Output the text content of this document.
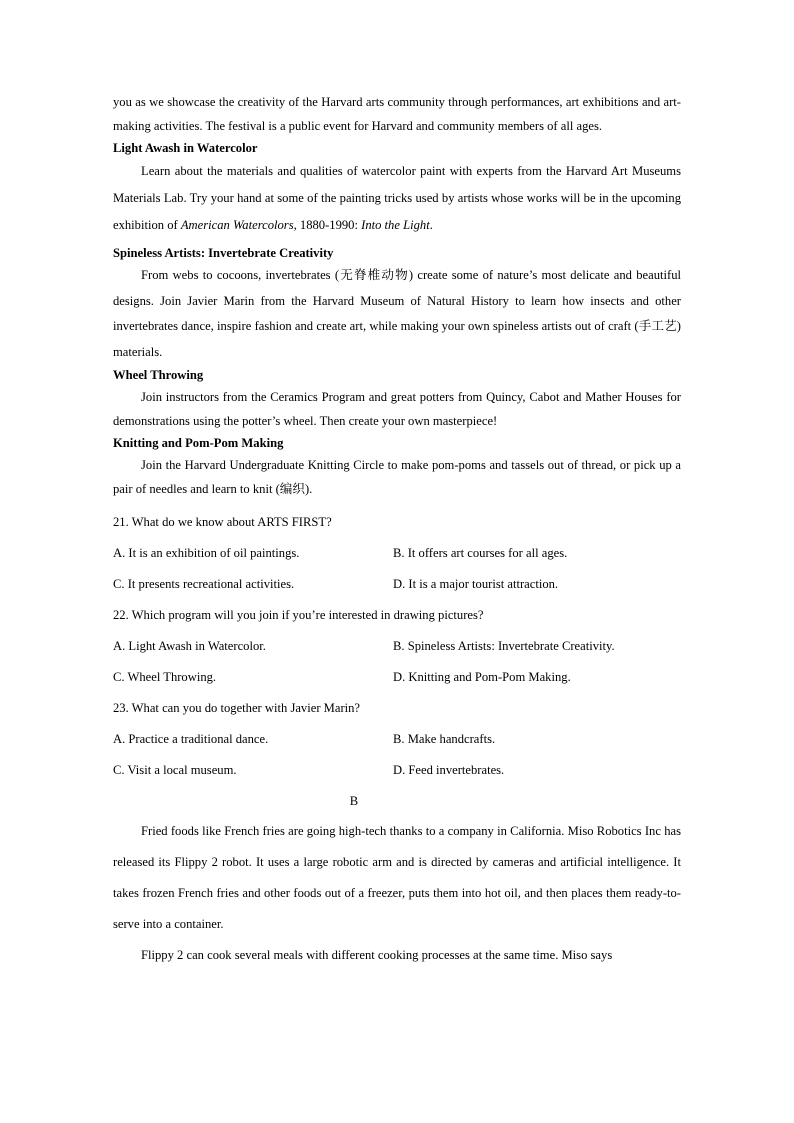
you as we showcase the creativity of the Harvard arts community through performances, art exhibitions and art-making activities. The festival is a public event for Harvard and community members of all ages.

Light Awash in Watercolor

Learn about the materials and qualities of watercolor paint with experts from the Harvard Art Museums Materials Lab. Try your hand at some of the painting tricks used by artists whose works will be in the upcoming exhibition of American Watercolors, 1880-1990: Into the Light.

Spineless Artists: Invertebrate Creativity

From webs to cocoons, invertebrates (无脊椎动物) create some of nature’s most delicate and beautiful designs. Join Javier Marin from the Harvard Museum of Natural History to learn how insects and other invertebrates dance, inspire fashion and create art, while making your own spineless artists out of craft (手工艺) materials.

Wheel Throwing

Join instructors from the Ceramics Program and great potters from Quincy, Cabot and Mather Houses for demonstrations using the potter’s wheel. Then create your own masterpiece!

Knitting and Pom-Pom Making

Join the Harvard Undergraduate Knitting Circle to make pom-poms and tassels out of thread, or pick up a pair of needles and learn to knit (编织).

21. What do we know about ARTS FIRST?

A. It is an exhibition of oil paintings.	B. It offers art courses for all ages.
C. It presents recreational activities.	D. It is a major tourist attraction.

22. Which program will you join if you’re interested in drawing pictures?

A. Light Awash in Watercolor.	B. Spineless Artists: Invertebrate Creativity.
C. Wheel Throwing.	D. Knitting and Pom-Pom Making.

23. What can you do together with Javier Marin?

A. Practice a traditional dance.	B. Make handcrafts.
C. Visit a local museum.	D. Feed invertebrates.

B

Fried foods like French fries are going high-tech thanks to a company in California. Miso Robotics Inc has released its Flippy 2 robot. It uses a large robotic arm and is directed by cameras and artificial intelligence. It takes frozen French fries and other foods out of a freezer, puts them into hot oil, and then places them ready-to-serve into a container.

Flippy 2 can cook several meals with different cooking processes at the same time. Miso says
